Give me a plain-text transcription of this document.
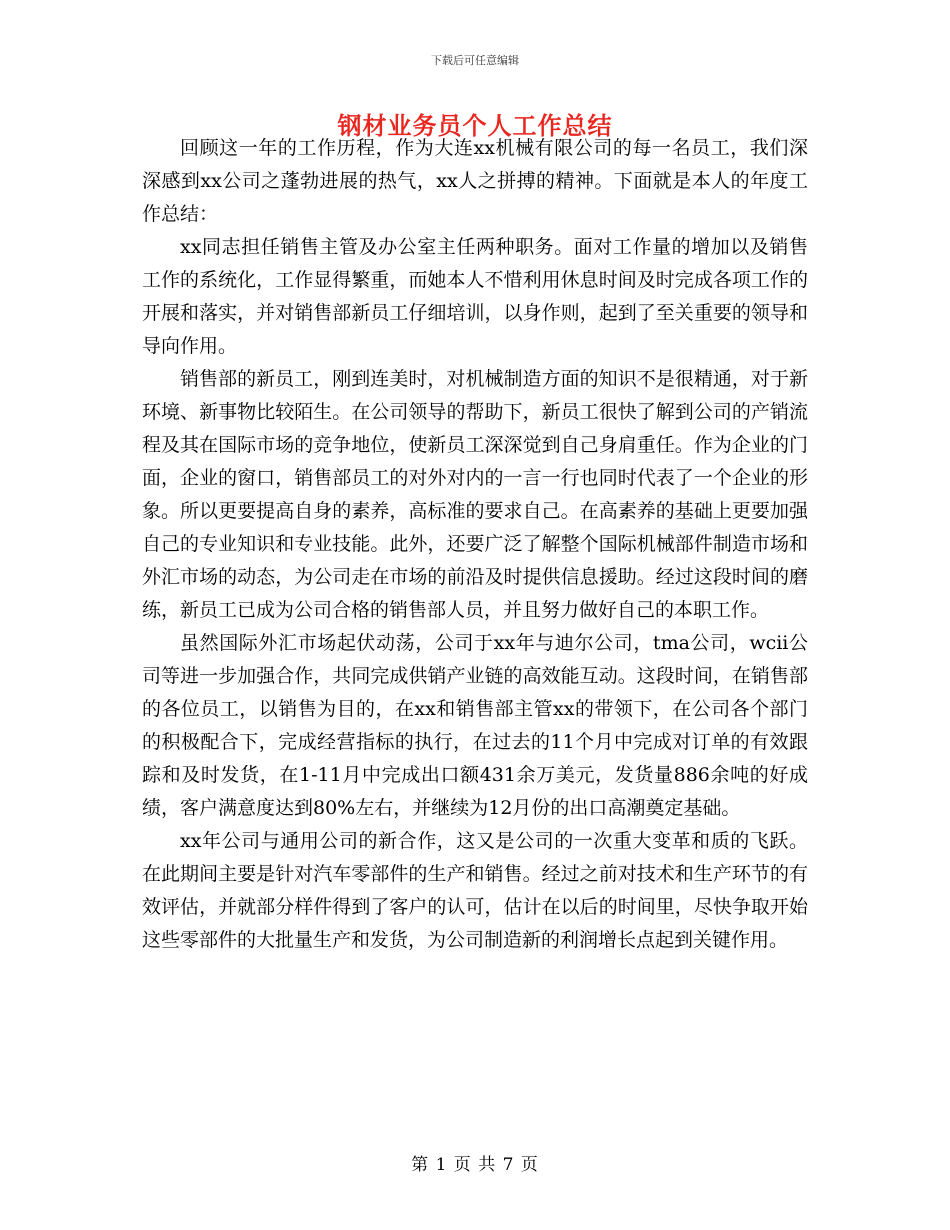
下载后可任意编辑
钢材业务员个人工作总结

回顾这一年的工作历程，作为大连xx机械有限公司的每一名员工，我们深深感到xx公司之蓬勃进展的热气，xx人之拼搏的精神。下面就是本人的年度工作总结：

xx同志担任销售主管及办公室主任两种职务。面对工作量的增加以及销售工作的系统化，工作显得繁重，而她本人不惜利用休息时间及时完成各项工作的开展和落实，并对销售部新员工仔细培训，以身作则，起到了至关重要的领导和导向作用。

销售部的新员工，刚到连美时，对机械制造方面的知识不是很精通，对于新环境、新事物比较陌生。在公司领导的帮助下，新员工很快了解到公司的产销流程及其在国际市场的竞争地位，使新员工深深觉到自己身肩重任。作为企业的门面，企业的窗口，销售部员工的对外对内的一言一行也同时代表了一个企业的形象。所以更要提高自身的素养，高标准的要求自己。在高素养的基础上更要加强自己的专业知识和专业技能。此外，还要广泛了解整个国际机械部件制造市场和外汇市场的动态，为公司走在市场的前沿及时提供信息援助。经过这段时间的磨练，新员工已成为公司合格的销售部人员，并且努力做好自己的本职工作。

虽然国际外汇市场起伏动荡，公司于xx年与迪尔公司，tma公司，wcii公司等进一步加强合作，共同完成供销产业链的高效能互动。这段时间，在销售部的各位员工，以销售为目的，在xx和销售部主管xx的带领下，在公司各个部门的积极配合下，完成经营指标的执行，在过去的11个月中完成对订单的有效跟踪和及时发货，在1-11月中完成出口额431余万美元，发货量886余吨的好成绩，客户满意度达到80%左右，并继续为12月份的出口高潮奠定基础。

xx年公司与通用公司的新合作，这又是公司的一次重大变革和质的飞跃。在此期间主要是针对汽车零部件的生产和销售。经过之前对技术和生产环节的有效评估，并就部分样件得到了客户的认可，估计在以后的时间里，尽快争取开始这些零部件的大批量生产和发货，为公司制造新的利润增长点起到关键作用。

第 1 页 共 7 页
